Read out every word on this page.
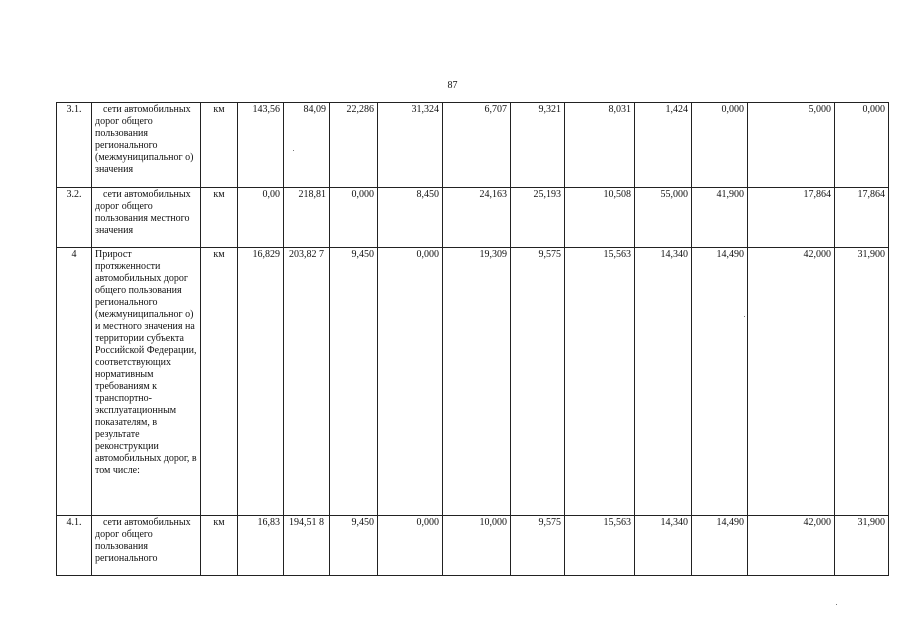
87
3.1.	сети автомобильных дорог общего пользования регионального (межмуниципальног о) значения	км	143,56	84,09	22,286	31,324	6,707	9,321	8,031	1,424	0,000	5,000	0,000
3.2.	сети автомобильных дорог общего пользования местного значения	км	0,00	218,81	0,000	8,450	24,163	25,193	10,508	55,000	41,900	17,864	17,864
4	Прирост протяженности автомобильных дорог общего пользования регионального (межмуниципальног о) и местного значения на территории субъекта Российской Федерации, соответствующих нормативным требованиям к транспортно-эксплуатационным показателям, в результате реконструкции автомобильных дорог, в том числе:	км	16,829	203,82 7	9,450	0,000	19,309	9,575	15,563	14,340	14,490	42,000	31,900
4.1.	сети автомобильных дорог общего пользования регионального	км	16,83	194,51 8	9,450	0,000	10,000	9,575	15,563	14,340	14,490	42,000	31,900
